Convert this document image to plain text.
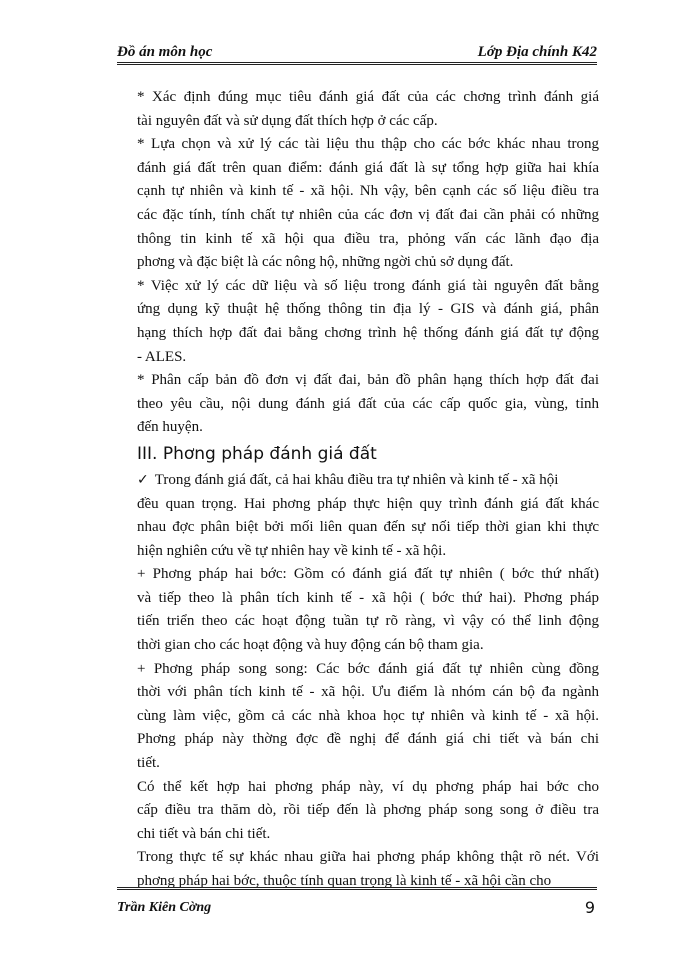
Đồ án môn học	Lớp Địa chính K42
* Xác định đúng mục tiêu đánh giá đất của các chơng trình đánh giá
tài nguyên đất và sử dụng đất thích hợp ở các cấp.
* Lựa chọn và xử lý các tài liệu thu thập cho các bớc khác nhau trong
đánh giá đất trên quan điểm: đánh giá đất là sự tổng hợp giữa hai khía
cạnh tự nhiên và kinh tế - xã hội. Nh vậy, bên cạnh các số liệu điều tra
các đặc tính, tính chất tự nhiên của các đơn vị đất đai cần phải có những
thông tin kinh tế xã hội qua điều tra, phỏng vấn các lãnh đạo địa
phơng và đặc biệt là các nông hộ, những ngời chủ sở dụng đất.
* Việc xử lý các dữ liệu và số liệu trong đánh giá tài nguyên đất bằng
ứng dụng kỹ thuật hệ thống thông tin địa lý - GIS và đánh giá, phân
hạng thích hợp đất đai bằng chơng trình hệ thống đánh giá đất tự động
- ALES.
* Phân cấp bản đồ đơn vị đất đai, bản đồ phân hạng thích hợp đất đai
theo yêu cầu, nội dung đánh giá đất của các cấp quốc gia, vùng, tỉnh
đến huyện.
III. Phơng pháp đánh giá đất
✓ Trong đánh giá đất, cả hai khâu điều tra tự nhiên và kinh tế - xã hội

đều quan trọng. Hai phơng pháp thực hiện quy trình đánh giá đất khác
nhau đợc phân biệt bởi mối liên quan đến sự nối tiếp thời gian khi thực
hiện nghiên cứu về tự nhiên hay về kinh tế - xã hội.
+ Phơng pháp hai bớc: Gồm có đánh giá đất tự nhiên ( bớc thứ nhất)
và tiếp theo là phân tích kinh tế - xã hội ( bớc thứ hai). Phơng pháp
tiến triển theo các hoạt động tuần tự rõ ràng, vì vậy có thể linh động
thời gian cho các hoạt động và huy động cán bộ tham gia.
+ Phơng pháp song song: Các bớc đánh giá đất tự nhiên cùng đồng
thời với phân tích kinh tế - xã hội. Ưu điểm là nhóm cán bộ đa ngành
cùng làm việc, gồm cả các nhà khoa học tự nhiên và kinh tế - xã hội.
Phơng pháp này thờng đợc đề nghị để đánh giá chi tiết và bán chi
tiết.
Có thể kết hợp hai phơng pháp này, ví dụ phơng pháp hai bớc cho
cấp điều tra thăm dò, rồi tiếp đến là phơng pháp song song ở điều tra
chi tiết và bán chi tiết.
Trong thực tế sự khác nhau giữa hai phơng pháp không thật rõ nét. Với
phơng pháp hai bớc, thuộc tính quan trọng là kinh tế - xã hội cần cho
Trần Kiên Cờng	9
